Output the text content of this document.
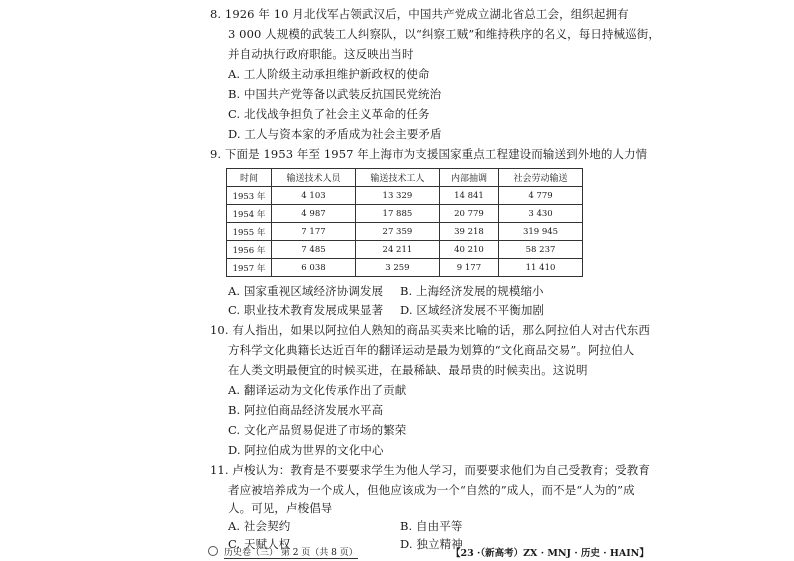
8. 1926 年 10 月北伐军占领武汉后，中国共产党成立湖北省总工会，组织起拥有
3 000 人规模的武装工人纠察队，以“纠察工贼”和维持秩序的名义，每日持械巡街，
并自动执行政府职能。这反映出当时
A. 工人阶级主动承担维护新政权的使命
B. 中国共产党等备以武装反抗国民党统治
C. 北伐战争担负了社会主义革命的任务
D. 工人与资本家的矛盾成为社会主要矛盾
9. 下面是 1953 年至 1957 年上海市为支援国家重点工程建设而输送到外地的人力情
时间	输送技术人员	输送技术工人	内部抽调	社会劳动输送
1953 年	4 103	13 329	14 841	4 779
1954 年	4 987	17 885	20 779	3 430
1955 年	7 177	27 359	39 218	319 945
1956 年	7 485	24 211	40 210	58 237
1957 年	6 038	3 259	9 177	11 410
A. 国家重视区域经济协调发展 B. 上海经济发展的规模缩小
C. 职业技术教育发展成果显著 D. 区域经济发展不平衡加剧
10. 有人指出，如果以阿拉伯人熟知的商品买卖来比喻的话，那么阿拉伯人对古代东西
方科学文化典籍长达近百年的翻译运动是最为划算的“文化商品交易”。阿拉伯人
在人类文明最便宜的时候买进，在最稀缺、最昂贵的时候卖出。这说明
A. 翻译运动为文化传承作出了贡献
B. 阿拉伯商品经济发展水平高
C. 文化产品贸易促进了市场的繁荣
D. 阿拉伯成为世界的文化中心
11. 卢梭认为：教育是不要要求学生为他人学习，而要要求他们为自己受教育；受教育
者应被培养成为一个成人，但他应该成为一个“自然的”成人，而不是“人为的”成
人。可见，卢梭倡导
A. 社会契约	B. 自由平等
C. 天赋人权	D. 独立精神
历史卷（三） 第 2 页（共 8 页）	【23 ·（新高考）ZX · MNJ · 历史 · HAIN】
